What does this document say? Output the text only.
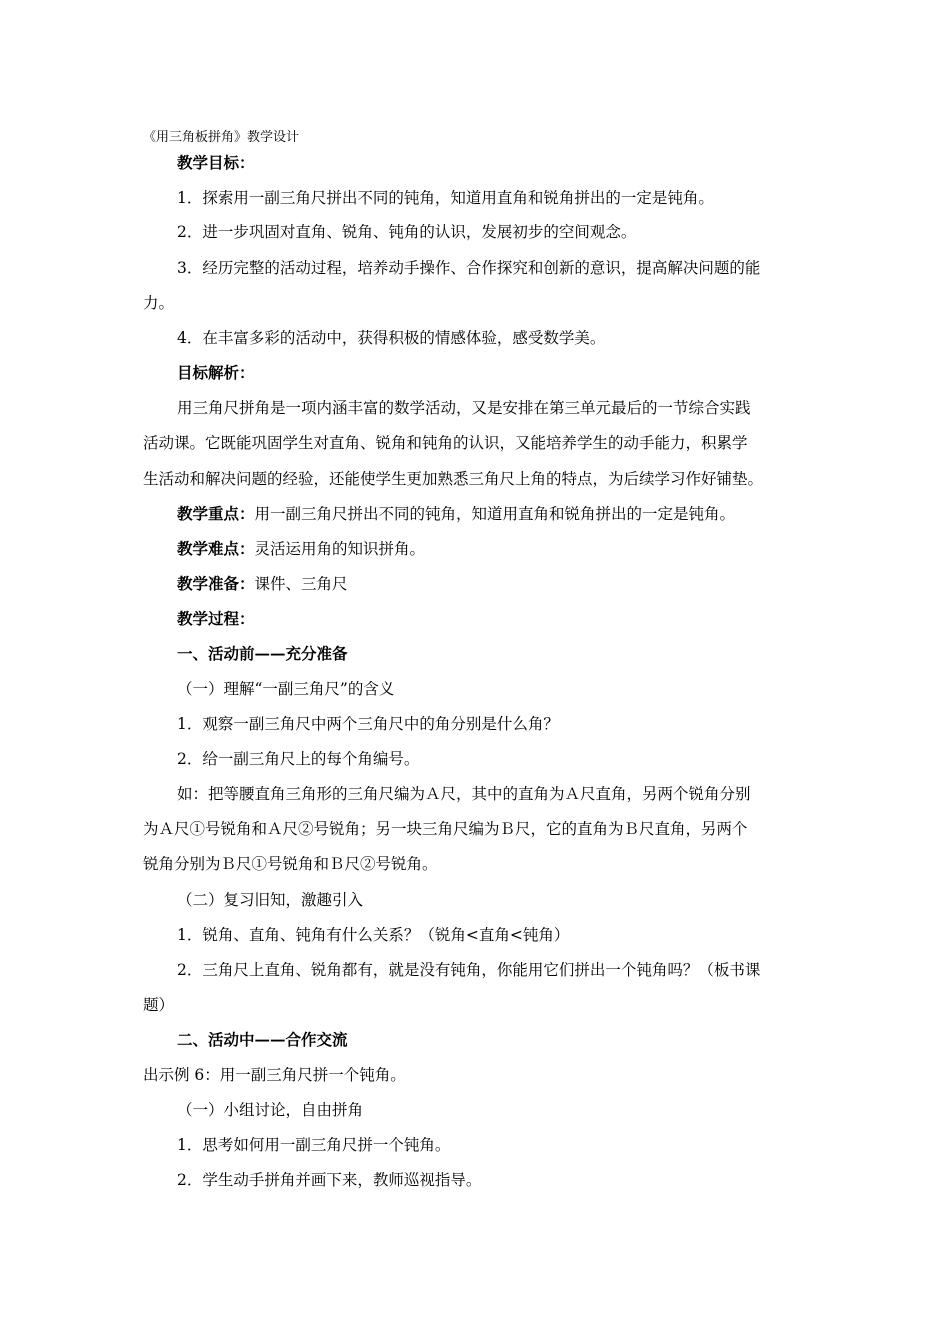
《用三角板拼角》教学设计
教学目标：
1．探索用一副三角尺拼出不同的钝角，知道用直角和锐角拼出的一定是钝角。
2．进一步巩固对直角、锐角、钝角的认识，发展初步的空间观念。
3．经历完整的活动过程，培养动手操作、合作探究和创新的意识，提高解决问题的能
力。
4．在丰富多彩的活动中，获得积极的情感体验，感受数学美。
目标解析：
用三角尺拼角是一项内涵丰富的数学活动，又是安排在第三单元最后的一节综合实践
活动课。它既能巩固学生对直角、锐角和钝角的认识，又能培养学生的动手能力，积累学
生活动和解决问题的经验，还能使学生更加熟悉三角尺上角的特点，为后续学习作好铺垫。
教学重点：用一副三角尺拼出不同的钝角，知道用直角和锐角拼出的一定是钝角。
教学难点：灵活运用角的知识拼角。
教学准备：课件、三角尺
教学过程：
一、活动前——充分准备
（一）理解“一副三角尺”的含义
1．观察一副三角尺中两个三角尺中的角分别是什么角？
2．给一副三角尺上的每个角编号。
如：把等腰直角三角形的三角尺编为Ａ尺，其中的直角为Ａ尺直角，另两个锐角分别
为Ａ尺①号锐角和Ａ尺②号锐角；另一块三角尺编为Ｂ尺，它的直角为Ｂ尺直角，另两个
锐角分别为Ｂ尺①号锐角和Ｂ尺②号锐角。
（二）复习旧知，激趣引入
1．锐角、直角、钝角有什么关系？（锐角<直角<钝角）
2．三角尺上直角、锐角都有，就是没有钝角，你能用它们拼出一个钝角吗？（板书课
题）
二、活动中——合作交流
出示例 6：用一副三角尺拼一个钝角。
（一）小组讨论，自由拼角
1．思考如何用一副三角尺拼一个钝角。
2．学生动手拼角并画下来，教师巡视指导。
